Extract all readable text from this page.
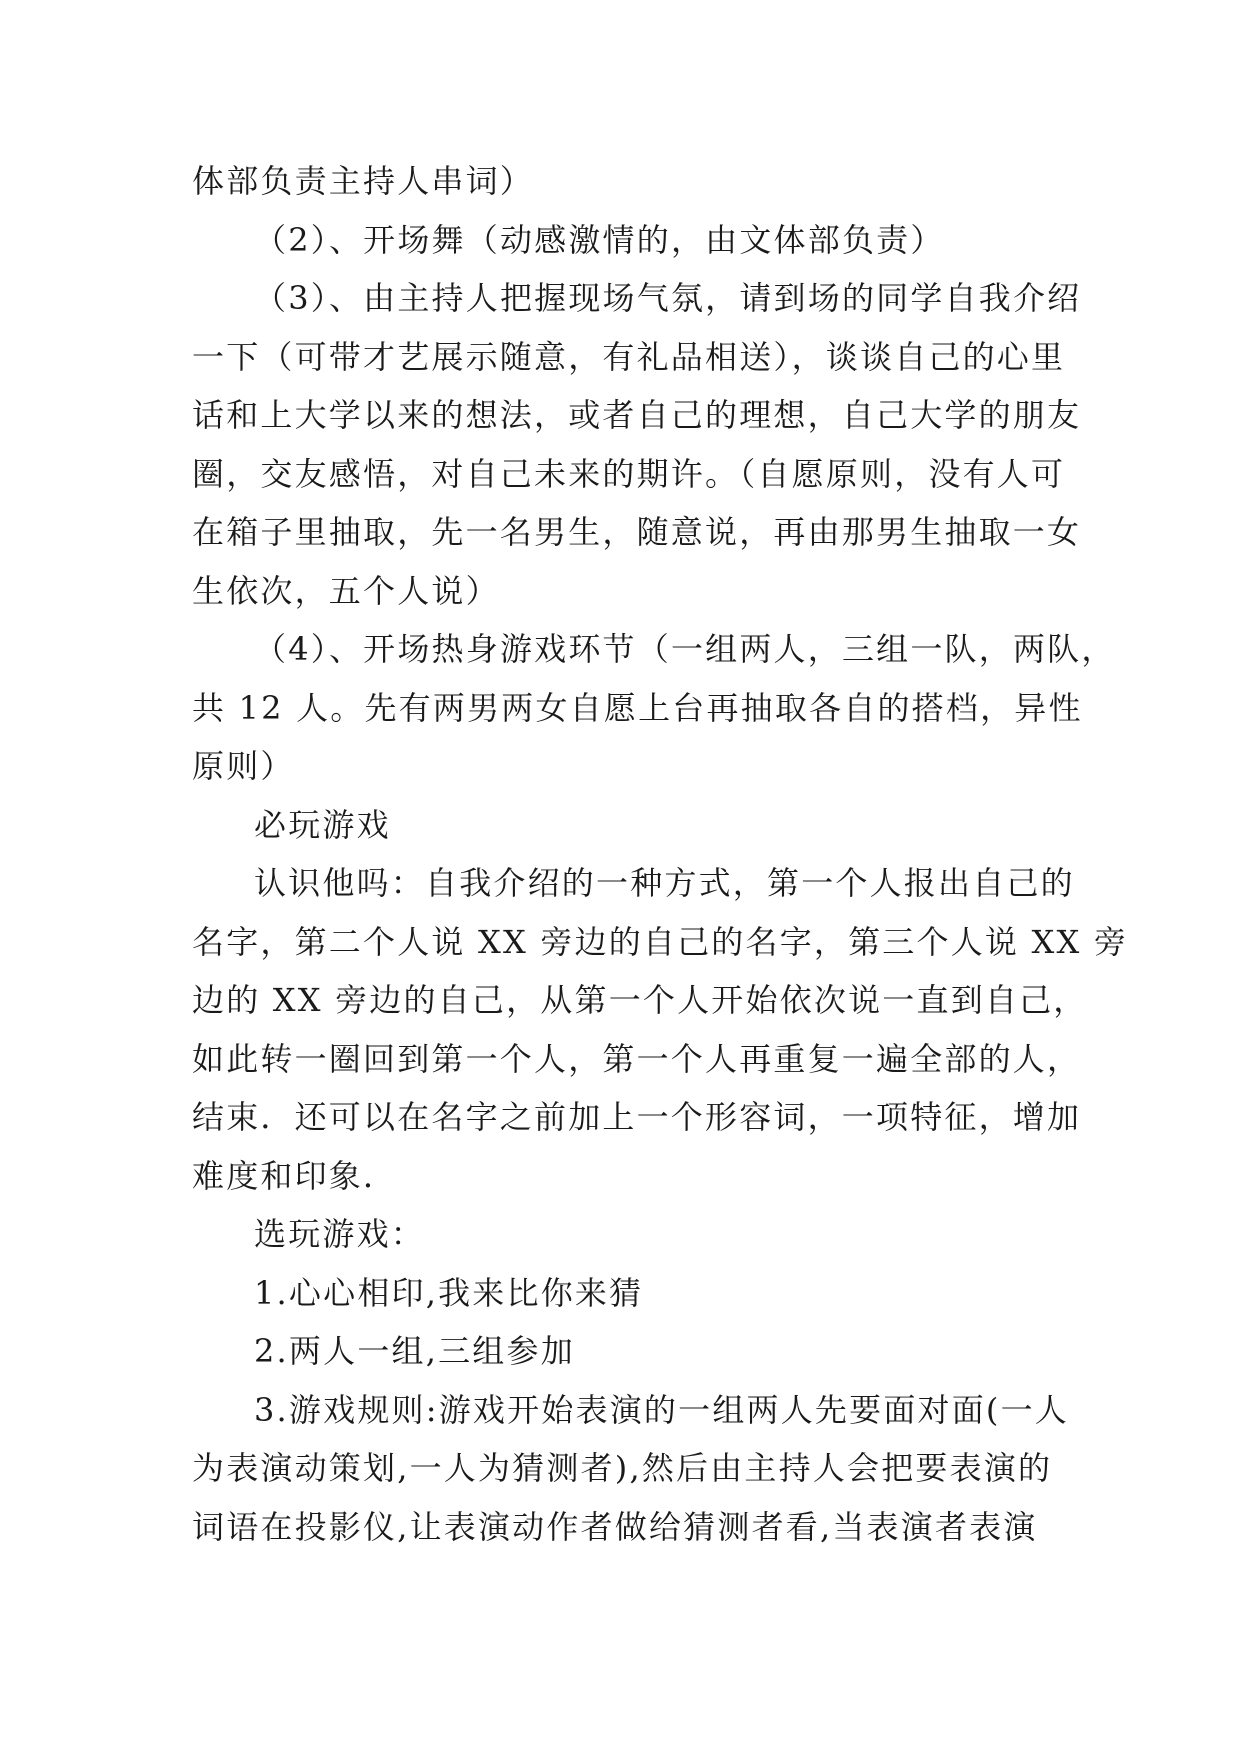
体部负责主持人串词）
（2）、开场舞（动感激情的，由文体部负责）
（3）、由主持人把握现场气氛，请到场的同学自我介绍
一下（可带才艺展示随意，有礼品相送），谈谈自己的心里
话和上大学以来的想法，或者自己的理想，自己大学的朋友
圈，交友感悟，对自己未来的期许。（自愿原则，没有人可
在箱子里抽取，先一名男生，随意说，再由那男生抽取一女
生依次，五个人说）
（4）、开场热身游戏环节（一组两人，三组一队，两队，
共 12 人。先有两男两女自愿上台再抽取各自的搭档，异性
原则）
必玩游戏
认识他吗：自我介绍的一种方式，第一个人报出自己的
名字，第二个人说 XX 旁边的自己的名字，第三个人说 XX 旁
边的 XX 旁边的自己，从第一个人开始依次说一直到自己，
如此转一圈回到第一个人，第一个人再重复一遍全部的人，
结束．还可以在名字之前加上一个形容词，一项特征，增加
难度和印象．
选玩游戏：
1.心心相印,我来比你来猜
2.两人一组,三组参加
3.游戏规则:游戏开始表演的一组两人先要面对面(一人
为表演动策划,一人为猜测者),然后由主持人会把要表演的
词语在投影仪,让表演动作者做给猜测者看,当表演者表演
